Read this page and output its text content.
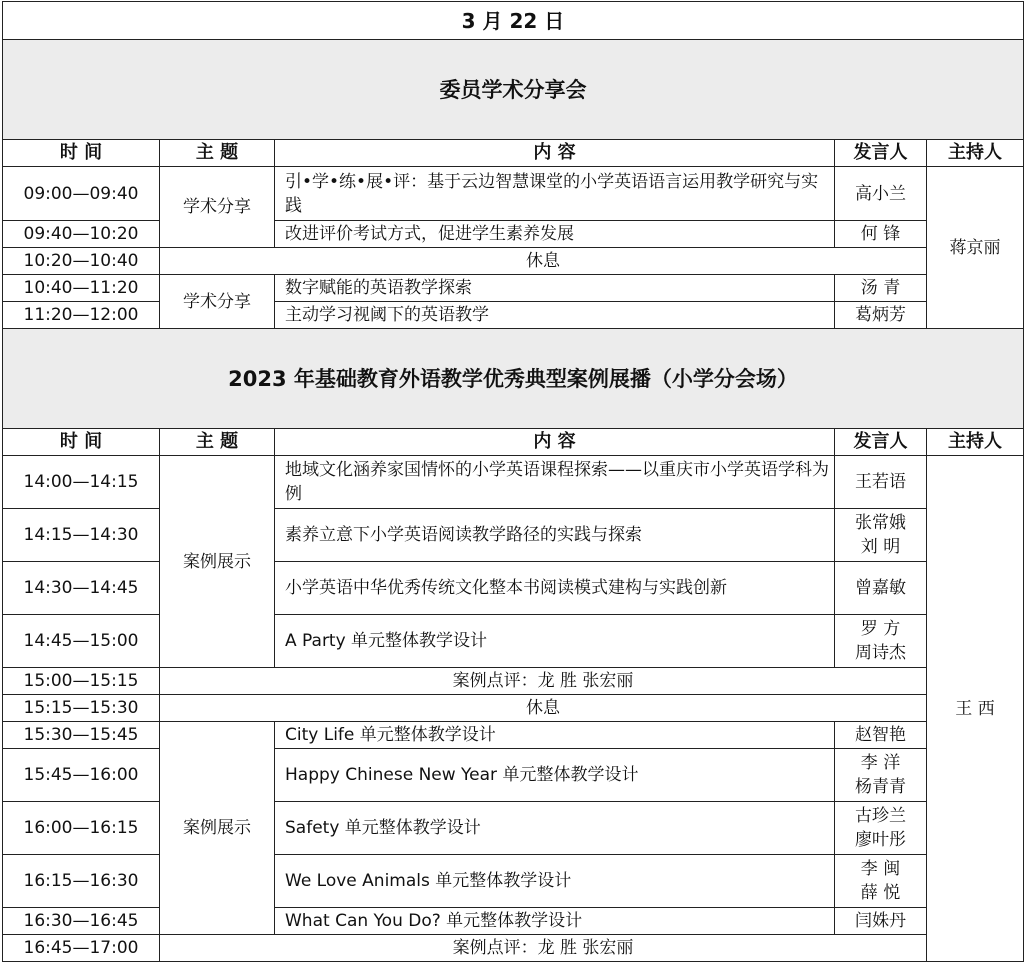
3 月 22 日				
委员学术分享会				
时 间	主 题	内 容	发言人	主持人
09:00—09:40	学术分享	引•学•练•展•评：基于云边智慧课堂的小学英语语言运用教学研究与实践	高小兰	蒋京丽
09:40—10:20		改进评价考试方式，促进学生素养发展	何 锋	
10:20—10:40	休息			
10:40—11:20	学术分享	数字赋能的英语教学探索	汤 青	
11:20—12:00		主动学习视阈下的英语教学	葛炳芳	
2023 年基础教育外语教学优秀典型案例展播（小学分会场）				
时 间	主 题	内 容	发言人	主持人
14:00—14:15	案例展示	地域文化涵养家国情怀的小学英语课程探索——以重庆市小学英语学科为例	王若语	王 西
14:15—14:30		素养立意下小学英语阅读教学路径的实践与探索	张常娥
刘 明	

14:30—14:45		小学英语中华优秀传统文化整本书阅读模式建构与实践创新	曾嘉敏	
14:45—15:00		A Party 单元整体教学设计	罗 方
周诗杰	

15:00—15:15	案例点评：龙 胜 张宏丽			
15:15—15:30	休息			
15:30—15:45	案例展示	City Life 单元整体教学设计	赵智艳	
15:45—16:00		Happy Chinese New Year 单元整体教学设计	李 洋
杨青青	

16:00—16:15		Safety 单元整体教学设计	古珍兰
廖叶彤	

16:15—16:30		We Love Animals 单元整体教学设计	李 闽
薛 悦	

16:30—16:45		What Can You Do? 单元整体教学设计	闫姝丹	
16:45—17:00	案例点评：龙 胜 张宏丽			
